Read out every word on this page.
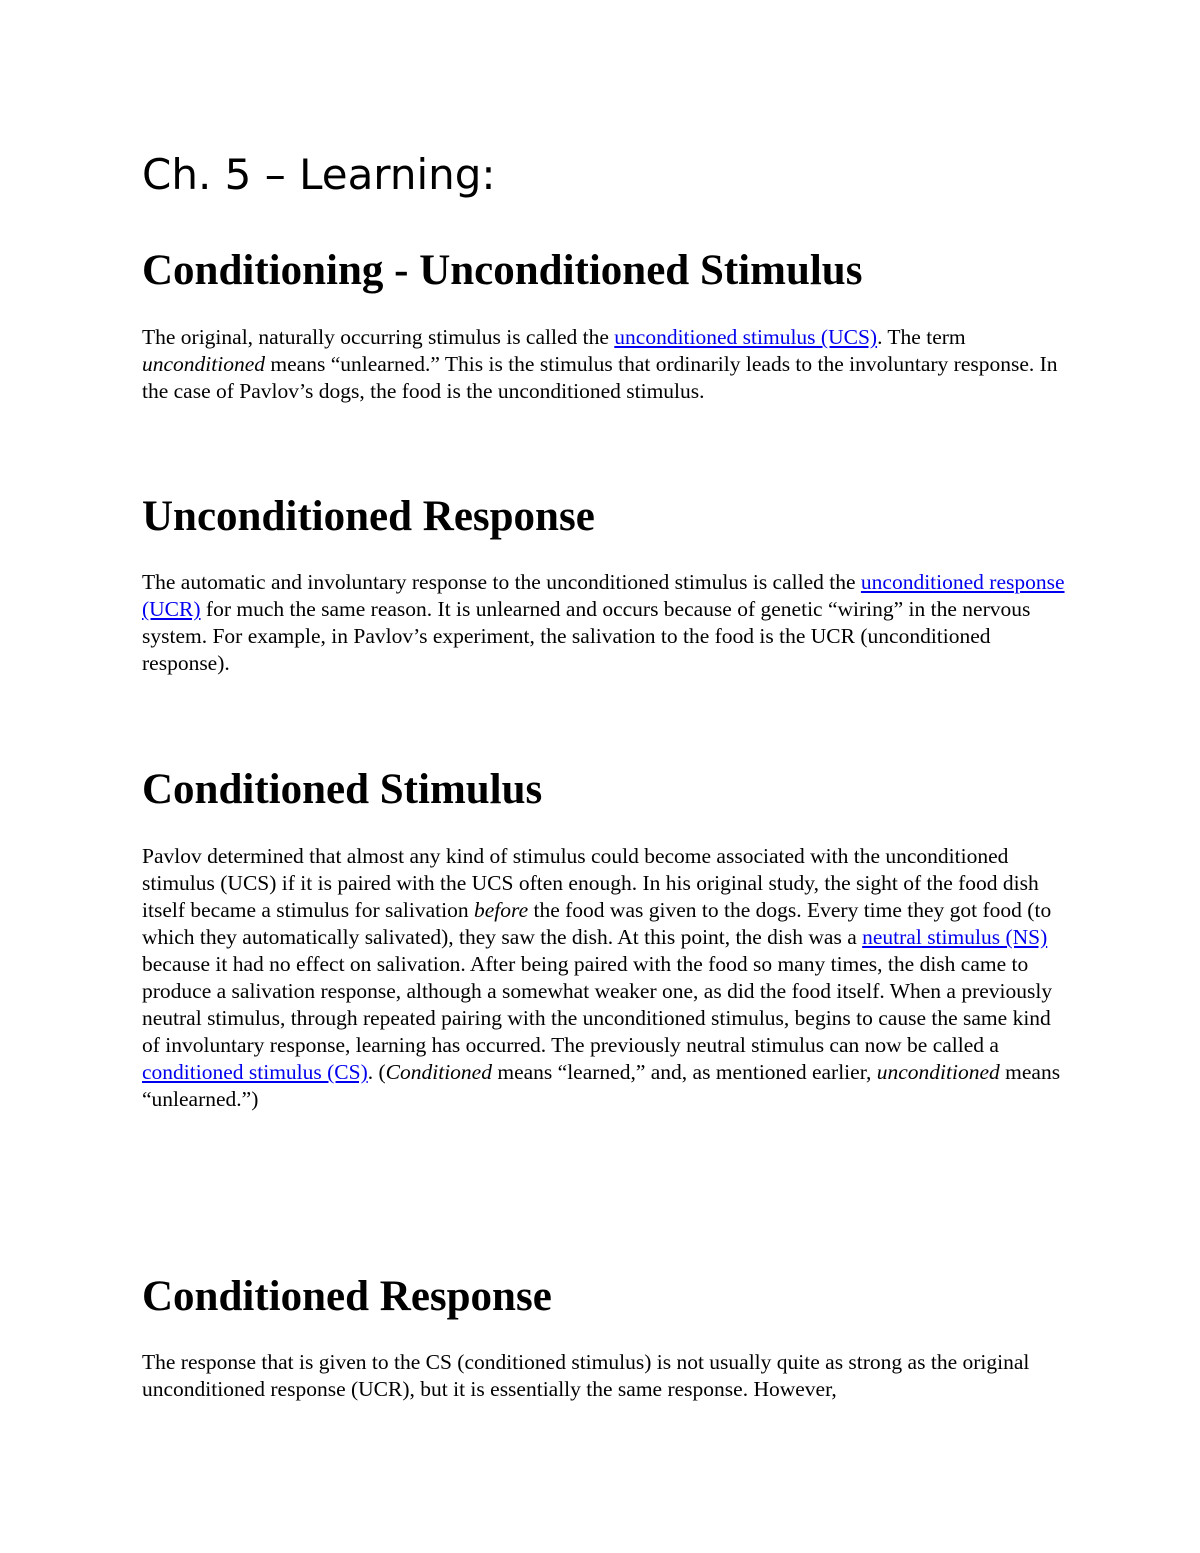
Ch. 5 – Learning:
Conditioning - Unconditioned Stimulus

The original, naturally occurring stimulus is called the unconditioned stimulus (UCS). The term unconditioned means “unlearned.” This is the stimulus that ordinarily leads to the involuntary response. In the case of Pavlov’s dogs, the food is the unconditioned stimulus.

Unconditioned Response

The automatic and involuntary response to the unconditioned stimulus is called the unconditioned response (UCR) for much the same reason. It is unlearned and occurs because of genetic “wiring” in the nervous system. For example, in Pavlov’s experiment, the salivation to the food is the UCR (unconditioned response).

Conditioned Stimulus

Pavlov determined that almost any kind of stimulus could become associated with the unconditioned stimulus (UCS) if it is paired with the UCS often enough. In his original study, the sight of the food dish itself became a stimulus for salivation before the food was given to the dogs. Every time they got food (to which they automatically salivated), they saw the dish. At this point, the dish was a neutral stimulus (NS) because it had no effect on salivation. After being paired with the food so many times, the dish came to produce a salivation response, although a somewhat weaker one, as did the food itself. When a previously neutral stimulus, through repeated pairing with the unconditioned stimulus, begins to cause the same kind of involuntary response, learning has occurred. The previously neutral stimulus can now be called a conditioned stimulus (CS). (Conditioned means “learned,” and, as mentioned earlier, unconditioned means “unlearned.”)

Conditioned Response

The response that is given to the CS (conditioned stimulus) is not usually quite as strong as the original unconditioned response (UCR), but it is essentially the same response. However,
